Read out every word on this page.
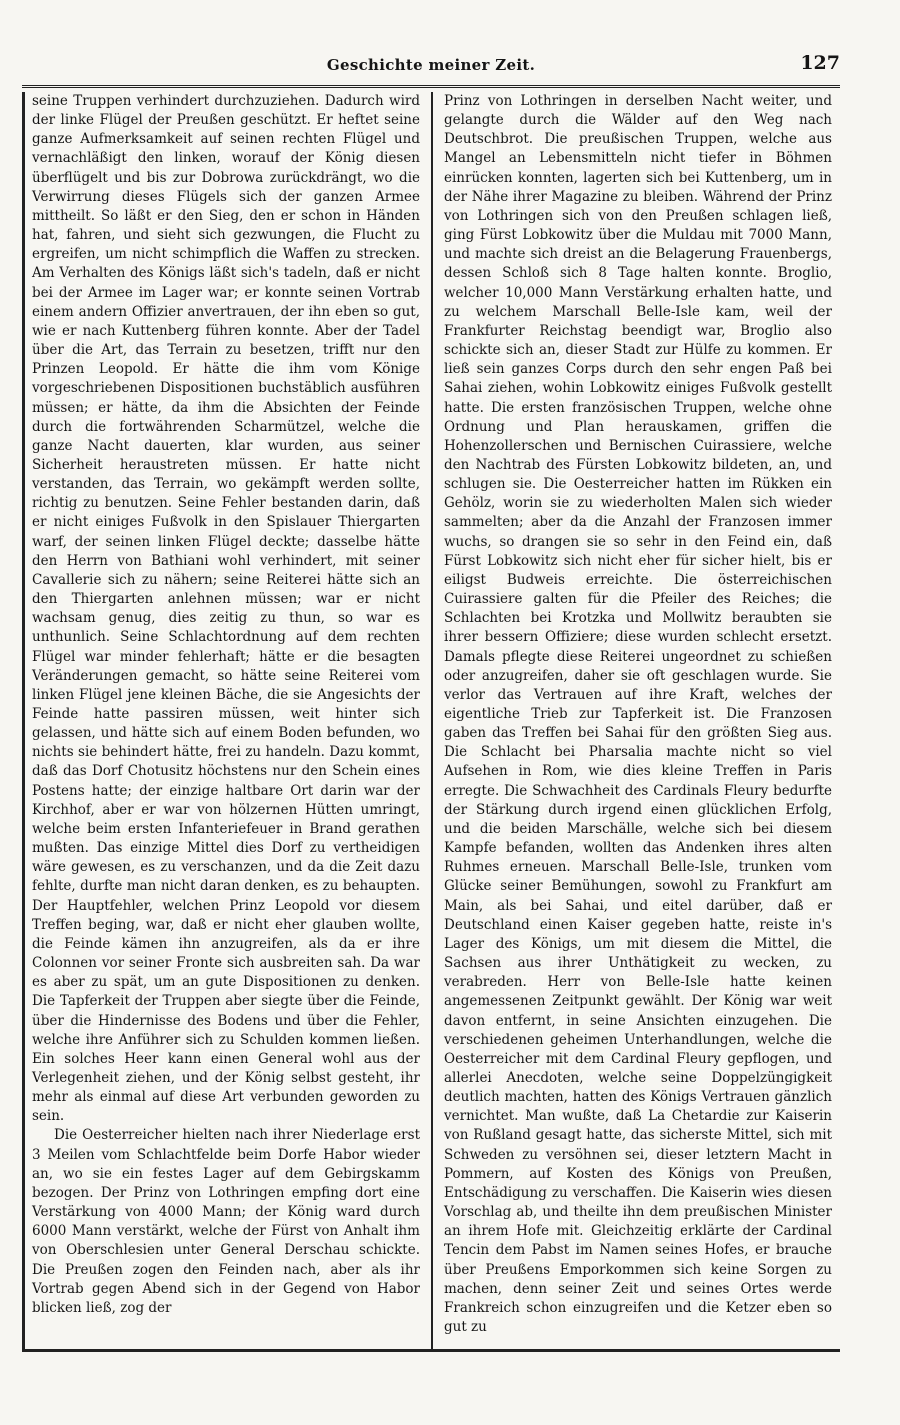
Geschichte meiner Zeit.	127

seine Truppen verhindert durchzuziehen. Dadurch wird der linke Flügel der Preußen geschützt. Er heftet seine ganze Aufmerksamkeit auf seinen rechten Flügel und vernachläßigt den linken, worauf der König diesen überflügelt und bis zur Dobrowa zurückdrängt, wo die Verwirrung dieses Flügels sich der ganzen Armee mittheilt. So läßt er den Sieg, den er schon in Händen hat, fahren, und sieht sich gezwungen, die Flucht zu ergreifen, um nicht schimpflich die Waffen zu strecken. Am Verhalten des Königs läßt sich's tadeln, daß er nicht bei der Armee im Lager war; er konnte seinen Vortrab einem andern Offizier anvertrauen, der ihn eben so gut, wie er nach Kuttenberg führen konnte. Aber der Tadel über die Art, das Terrain zu besetzen, trifft nur den Prinzen Leopold. Er hätte die ihm vom Könige vorgeschriebenen Dispositionen buchstäblich ausführen müssen; er hätte, da ihm die Absichten der Feinde durch die fortwährenden Scharmützel, welche die ganze Nacht dauerten, klar wurden, aus seiner Sicherheit heraustreten müssen. Er hatte nicht verstanden, das Terrain, wo gekämpft werden sollte, richtig zu benutzen. Seine Fehler bestanden darin, daß er nicht einiges Fußvolk in den Spislauer Thiergarten warf, der seinen linken Flügel deckte; dasselbe hätte den Herrn von Bathiani wohl verhindert, mit seiner Cavallerie sich zu nähern; seine Reiterei hätte sich an den Thiergarten anlehnen müssen; war er nicht wachsam genug, dies zeitig zu thun, so war es unthunlich. Seine Schlachtordnung auf dem rechten Flügel war minder fehlerhaft; hätte er die besagten Veränderungen gemacht, so hätte seine Reiterei vom linken Flügel jene kleinen Bäche, die sie Angesichts der Feinde hatte passiren müssen, weit hinter sich gelassen, und hätte sich auf einem Boden befunden, wo nichts sie behindert hätte, frei zu handeln. Dazu kommt, daß das Dorf Chotusitz höchstens nur den Schein eines Postens hatte; der einzige haltbare Ort darin war der Kirchhof, aber er war von hölzernen Hütten umringt, welche beim ersten Infanteriefeuer in Brand gerathen mußten. Das einzige Mittel dies Dorf zu vertheidigen wäre gewesen, es zu verschanzen, und da die Zeit dazu fehlte, durfte man nicht daran denken, es zu behaupten. Der Hauptfehler, welchen Prinz Leopold vor diesem Treffen beging, war, daß er nicht eher glauben wollte, die Feinde kämen ihn anzugreifen, als da er ihre Colonnen vor seiner Fronte sich ausbreiten sah. Da war es aber zu spät, um an gute Dispositionen zu denken. Die Tapferkeit der Truppen aber siegte über die Feinde, über die Hindernisse des Bodens und über die Fehler, welche ihre Anführer sich zu Schulden kommen ließen. Ein solches Heer kann einen General wohl aus der Verlegenheit ziehen, und der König selbst gesteht, ihr mehr als einmal auf diese Art verbunden geworden zu sein.

Die Oesterreicher hielten nach ihrer Niederlage erst 3 Meilen vom Schlachtfelde beim Dorfe Habor wieder an, wo sie ein festes Lager auf dem Gebirgskamm bezogen. Der Prinz von Lothringen empfing dort eine Verstärkung von 4000 Mann; der König ward durch 6000 Mann verstärkt, welche der Fürst von Anhalt ihm von Oberschlesien unter General Derschau schickte. Die Preußen zogen den Feinden nach, aber als ihr Vortrab gegen Abend sich in der Gegend von Habor blicken ließ, zog der

Prinz von Lothringen in derselben Nacht weiter, und gelangte durch die Wälder auf den Weg nach Deutschbrot. Die preußischen Truppen, welche aus Mangel an Lebensmitteln nicht tiefer in Böhmen einrücken konnten, lagerten sich bei Kuttenberg, um in der Nähe ihrer Magazine zu bleiben. Während der Prinz von Lothringen sich von den Preußen schlagen ließ, ging Fürst Lobkowitz über die Muldau mit 7000 Mann, und machte sich dreist an die Belagerung Frauenbergs, dessen Schloß sich 8 Tage halten konnte. Broglio, welcher 10,000 Mann Verstärkung erhalten hatte, und zu welchem Marschall Belle-Isle kam, weil der Frankfurter Reichstag beendigt war, Broglio also schickte sich an, dieser Stadt zur Hülfe zu kommen. Er ließ sein ganzes Corps durch den sehr engen Paß bei Sahai ziehen, wohin Lobkowitz einiges Fußvolk gestellt hatte. Die ersten französischen Truppen, welche ohne Ordnung und Plan herauskamen, griffen die Hohenzollerschen und Bernischen Cuirassiere, welche den Nachtrab des Fürsten Lobkowitz bildeten, an, und schlugen sie. Die Oesterreicher hatten im Rükken ein Gehölz, worin sie zu wiederholten Malen sich wieder sammelten; aber da die Anzahl der Franzosen immer wuchs, so drangen sie so sehr in den Feind ein, daß Fürst Lobkowitz sich nicht eher für sicher hielt, bis er eiligst Budweis erreichte. Die österreichischen Cuirassiere galten für die Pfeiler des Reiches; die Schlachten bei Krotzka und Mollwitz beraubten sie ihrer bessern Offiziere; diese wurden schlecht ersetzt. Damals pflegte diese Reiterei ungeordnet zu schießen oder anzugreifen, daher sie oft geschlagen wurde. Sie verlor das Vertrauen auf ihre Kraft, welches der eigentliche Trieb zur Tapferkeit ist. Die Franzosen gaben das Treffen bei Sahai für den größten Sieg aus. Die Schlacht bei Pharsalia machte nicht so viel Aufsehen in Rom, wie dies kleine Treffen in Paris erregte. Die Schwachheit des Cardinals Fleury bedurfte der Stärkung durch irgend einen glücklichen Erfolg, und die beiden Marschälle, welche sich bei diesem Kampfe befanden, wollten das Andenken ihres alten Ruhmes erneuen. Marschall Belle-Isle, trunken vom Glücke seiner Bemühungen, sowohl zu Frankfurt am Main, als bei Sahai, und eitel darüber, daß er Deutschland einen Kaiser gegeben hatte, reiste in's Lager des Königs, um mit diesem die Mittel, die Sachsen aus ihrer Unthätigkeit zu wecken, zu verabreden. Herr von Belle-Isle hatte keinen angemessenen Zeitpunkt gewählt. Der König war weit davon entfernt, in seine Ansichten einzugehen. Die verschiedenen geheimen Unterhandlungen, welche die Oesterreicher mit dem Cardinal Fleury gepflogen, und allerlei Anecdoten, welche seine Doppelzüngigkeit deutlich machten, hatten des Königs Vertrauen gänzlich vernichtet. Man wußte, daß La Chetardie zur Kaiserin von Rußland gesagt hatte, das sicherste Mittel, sich mit Schweden zu versöhnen sei, dieser letztern Macht in Pommern, auf Kosten des Königs von Preußen, Entschädigung zu verschaffen. Die Kaiserin wies diesen Vorschlag ab, und theilte ihn dem preußischen Minister an ihrem Hofe mit. Gleichzeitig erklärte der Cardinal Tencin dem Pabst im Namen seines Hofes, er brauche über Preußens Emporkommen sich keine Sorgen zu machen, denn seiner Zeit und seines Ortes werde Frankreich schon einzugreifen und die Ketzer eben so gut zu
